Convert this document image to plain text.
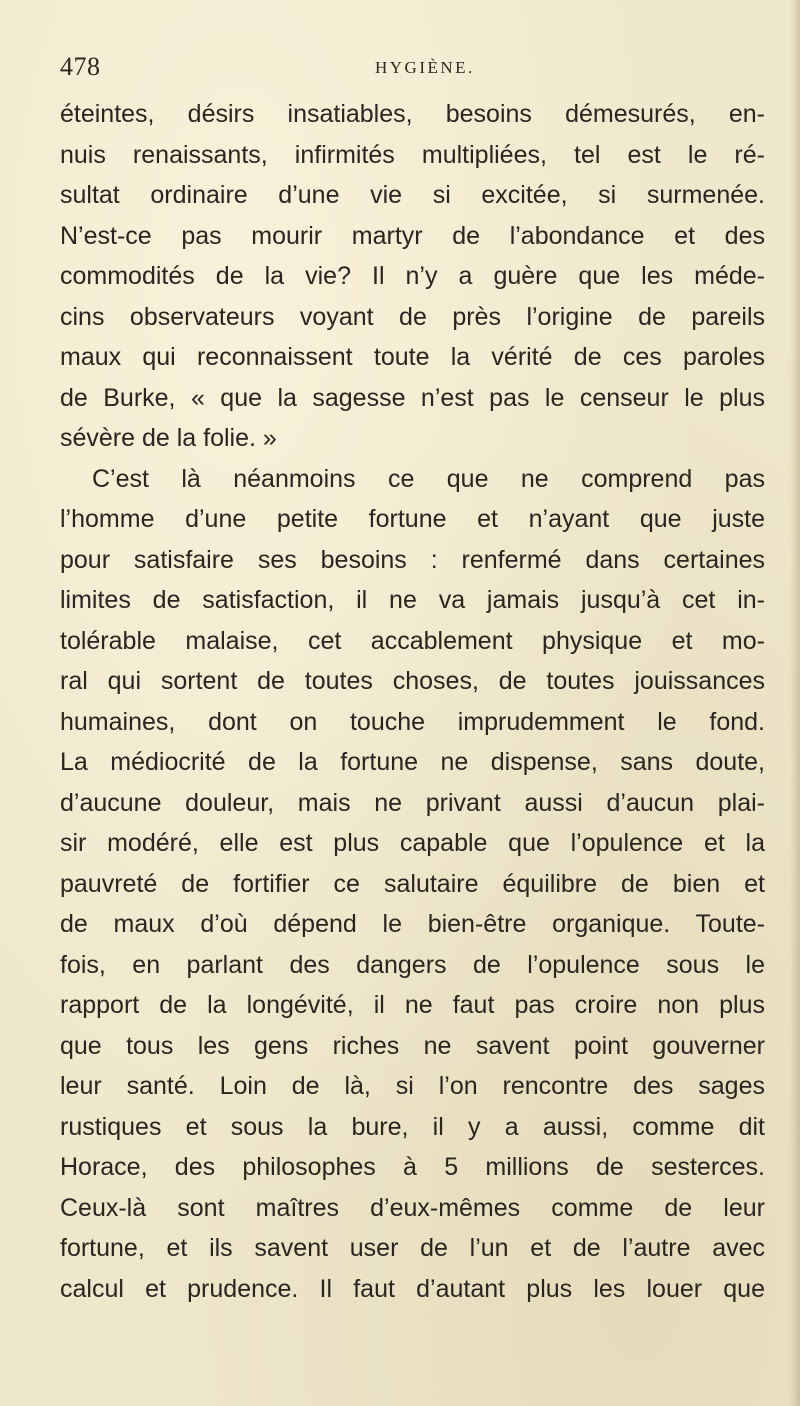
478	HYGIÈNE.
éteintes, désirs insatiables, besoins démesurés, en-
nuis renaissants, infirmités multipliées, tel est le ré-
sultat ordinaire d’une vie si excitée, si surmenée.
N’est-ce pas mourir martyr de l’abondance et des
commodités de la vie? Il n’y a guère que les méde-
cins observateurs voyant de près l’origine de pareils
maux qui reconnaissent toute la vérité de ces paroles
de Burke, « que la sagesse n’est pas le censeur le plus
sévère de la folie. »
C’est là néanmoins ce que ne comprend pas
l’homme d’une petite fortune et n’ayant que juste
pour satisfaire ses besoins : renfermé dans certaines
limites de satisfaction, il ne va jamais jusqu’à cet in-
tolérable malaise, cet accablement physique et mo-
ral qui sortent de toutes choses, de toutes jouissances
humaines, dont on touche imprudemment le fond.
La médiocrité de la fortune ne dispense, sans doute,
d’aucune douleur, mais ne privant aussi d’aucun plai-
sir modéré, elle est plus capable que l’opulence et la
pauvreté de fortifier ce salutaire équilibre de bien et
de maux d’où dépend le bien-être organique. Toute-
fois, en parlant des dangers de l’opulence sous le
rapport de la longévité, il ne faut pas croire non plus
que tous les gens riches ne savent point gouverner
leur santé. Loin de là, si l’on rencontre des sages
rustiques et sous la bure, il y a aussi, comme dit
Horace, des philosophes à 5 millions de sesterces.
Ceux-là sont maîtres d’eux-mêmes comme de leur
fortune, et ils savent user de l’un et de l’autre avec
calcul et prudence. Il faut d’autant plus les louer que
